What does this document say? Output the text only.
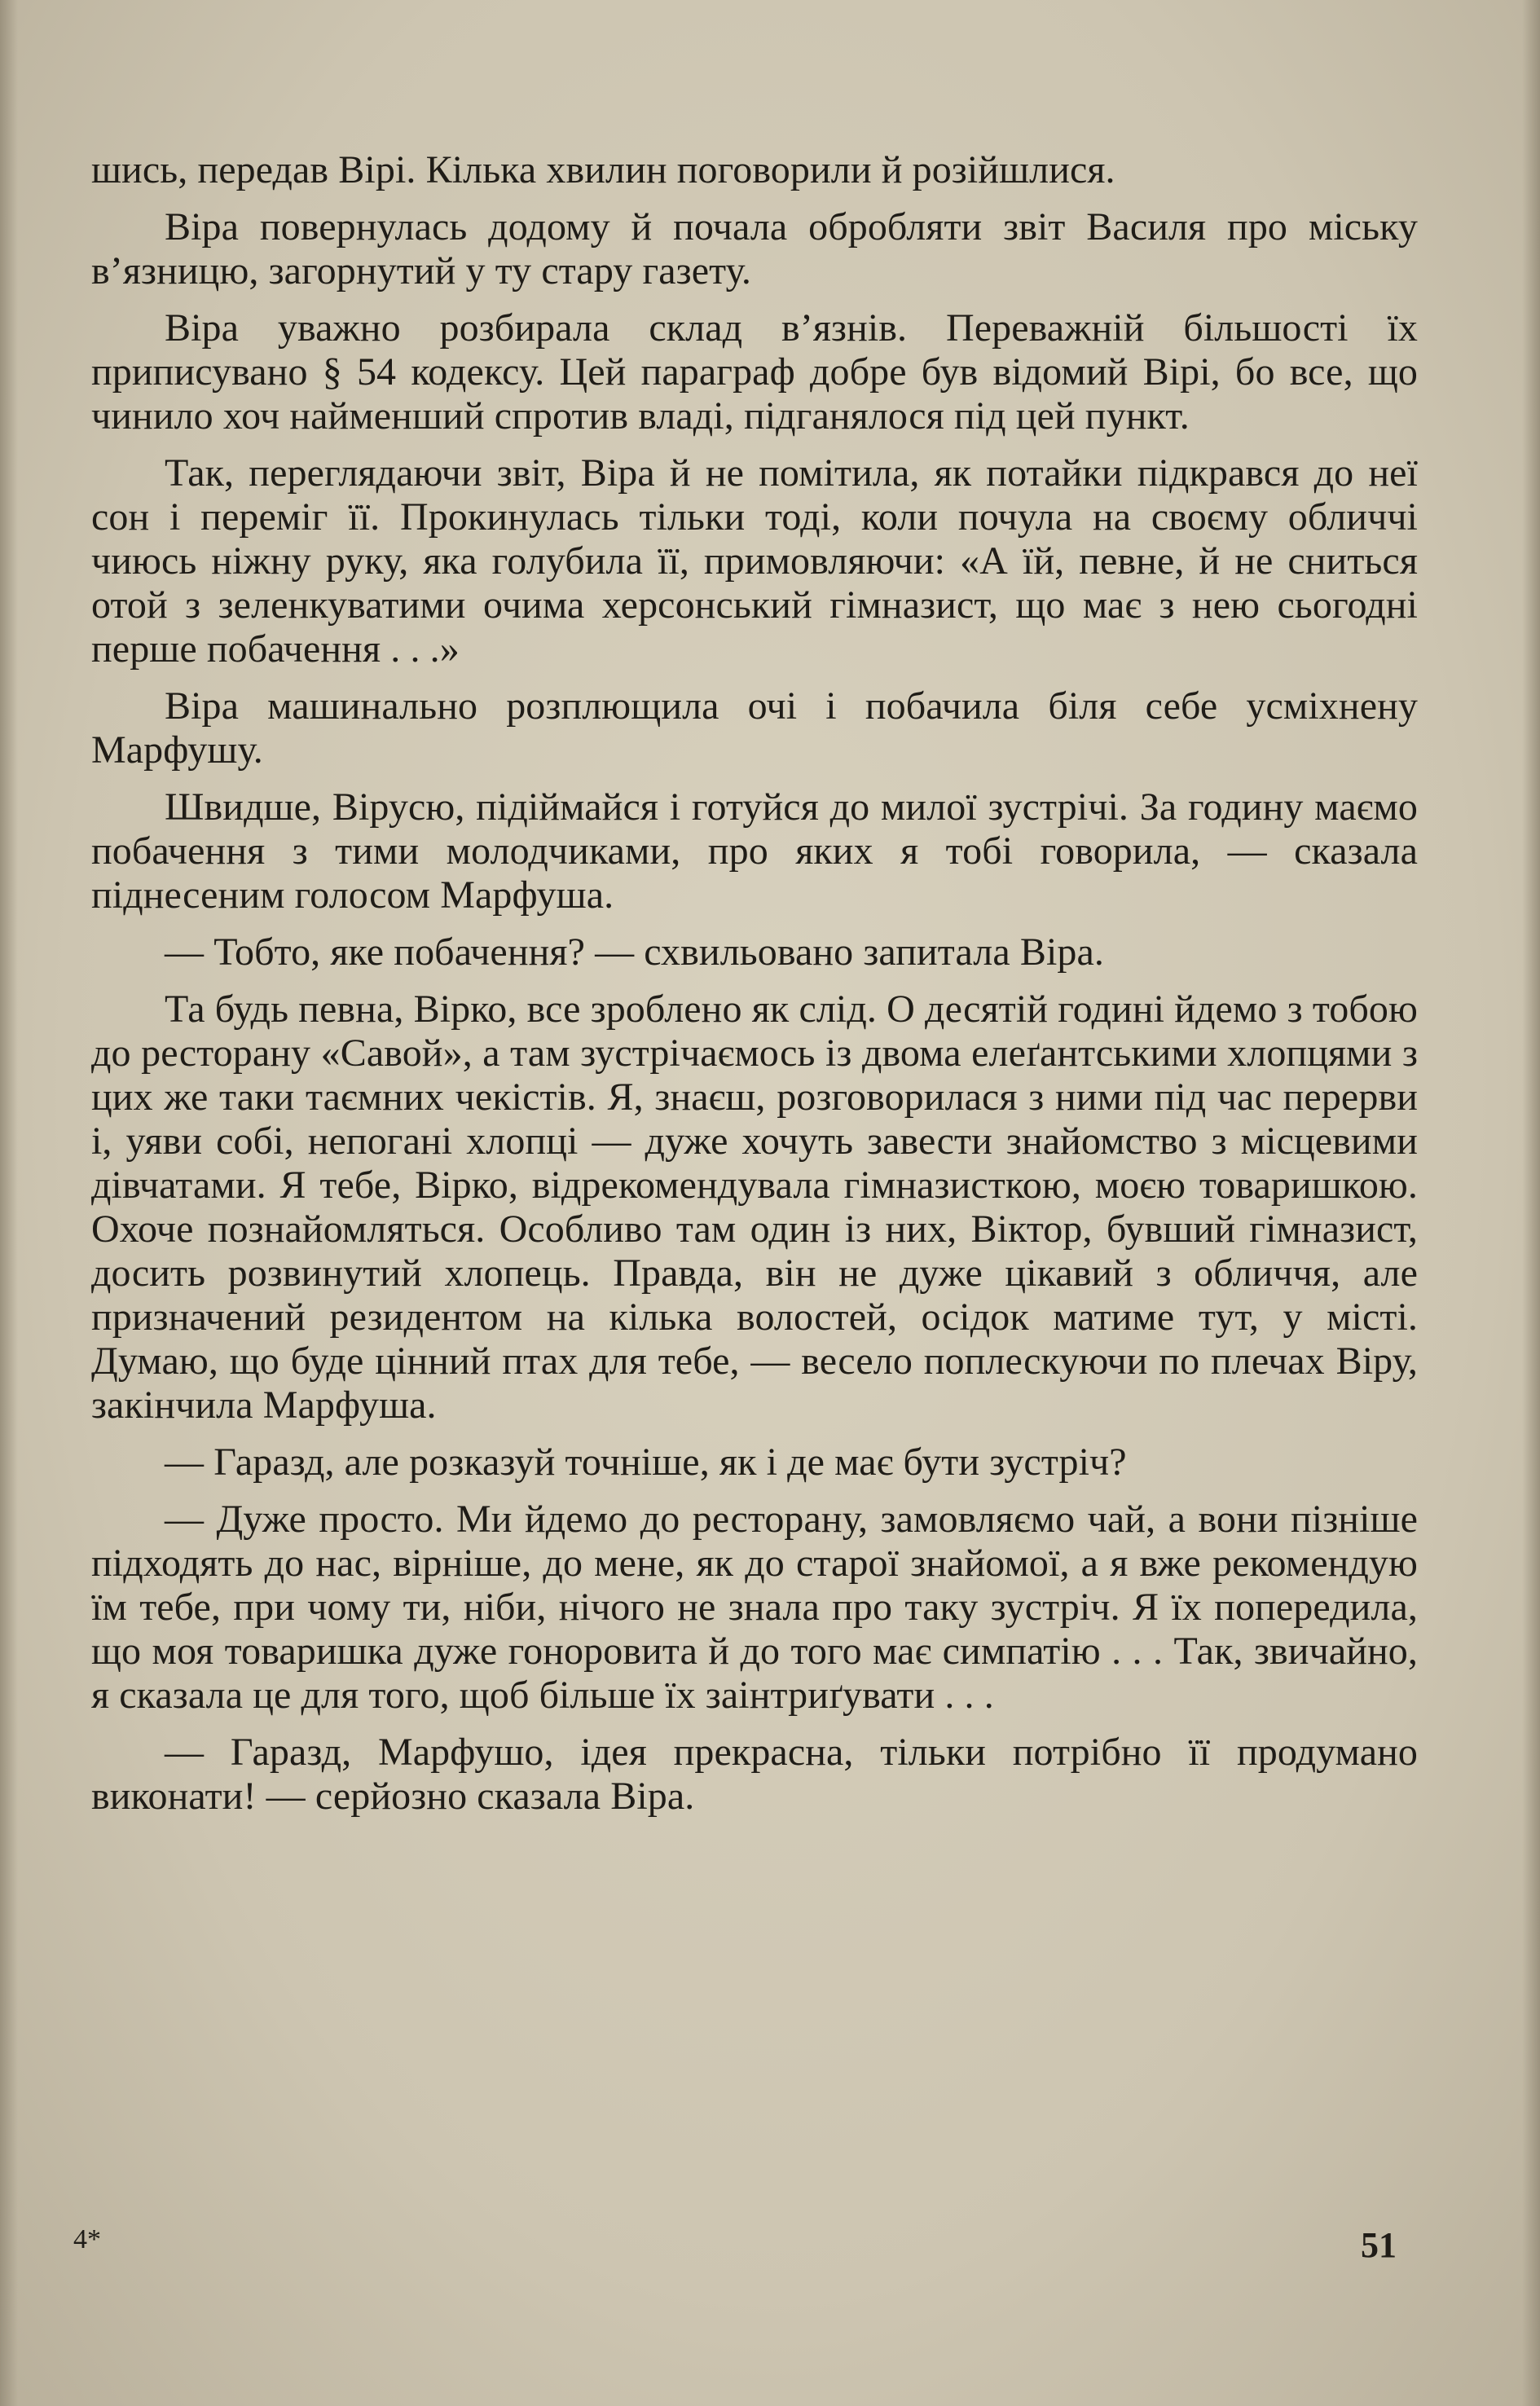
шись, передав Вірі. Кілька хвилин поговорили й розійшлися.

Віра повернулась додому й почала обробляти звіт Василя про міську в’язницю, загорнутий у ту стару газету.

Віра уважно розбирала склад в’язнів. Переважній більшості їх приписувано § 54 кодексу. Цей параграф добре був відомий Вірі, бо все, що чинило хоч найменший спротив владі, підганялося під цей пункт.

Так, переглядаючи звіт, Віра й не помітила, як потайки підкрався до неї сон і переміг її. Прокинулась тільки тоді, коли почула на своєму обличчі чиюсь ніжну руку, яка голубила її, примовляючи: «А їй, певне, й не сниться отой з зеленкуватими очима херсонський гімназист, що має з нею сьогодні перше побачення . . .»

Віра машинально розплющила очі і побачила біля себе усміхнену Марфушу.

Швидше, Вірусю, підіймайся і готуйся до милої зустрічі. За годину маємо побачення з тими молодчиками, про яких я тобі говорила, — сказала піднесеним голосом Марфуша.

— Тобто, яке побачення? — схвильовано запитала Віра.

Та будь певна, Вірко, все зроблено як слід. О десятій годині йдемо з тобою до ресторану «Савой», а там зустрічаємось із двома елеґантськими хлопцями з цих же таки таємних чекістів. Я, знаєш, розговорилася з ними під час перерви і, уяви собі, непогані хлопці — дуже хочуть завести знайомство з місцевими дівчатами. Я тебе, Вірко, відрекомендувала гімназисткою, моєю товаришкою. Охоче познайомляться. Особливо там один із них, Віктор, бувший гімназист, досить розвинутий хлопець. Правда, він не дуже цікавий з обличчя, але призначений резидентом на кілька волостей, осідок матиме тут, у місті. Думаю, що буде цінний птах для тебе, — весело поплескуючи по плечах Віру, закінчила Марфуша.

— Гаразд, але розказуй точніше, як і де має бути зустріч?

— Дуже просто. Ми йдемо до ресторану, замовляємо чай, а вони пізніше підходять до нас, вірніше, до мене, як до старої знайомої, а я вже рекомендую їм тебе, при чому ти, ніби, нічого не знала про таку зустріч. Я їх попередила, що моя товаришка дуже гоноровита й до того має симпатію . . . Так, звичайно, я сказала це для того, щоб більше їх заінтриґувати . . .

— Гаразд, Марфушо, ідея прекрасна, тільки потрібно її продумано виконати! — серйозно сказала Віра.

4*	51
